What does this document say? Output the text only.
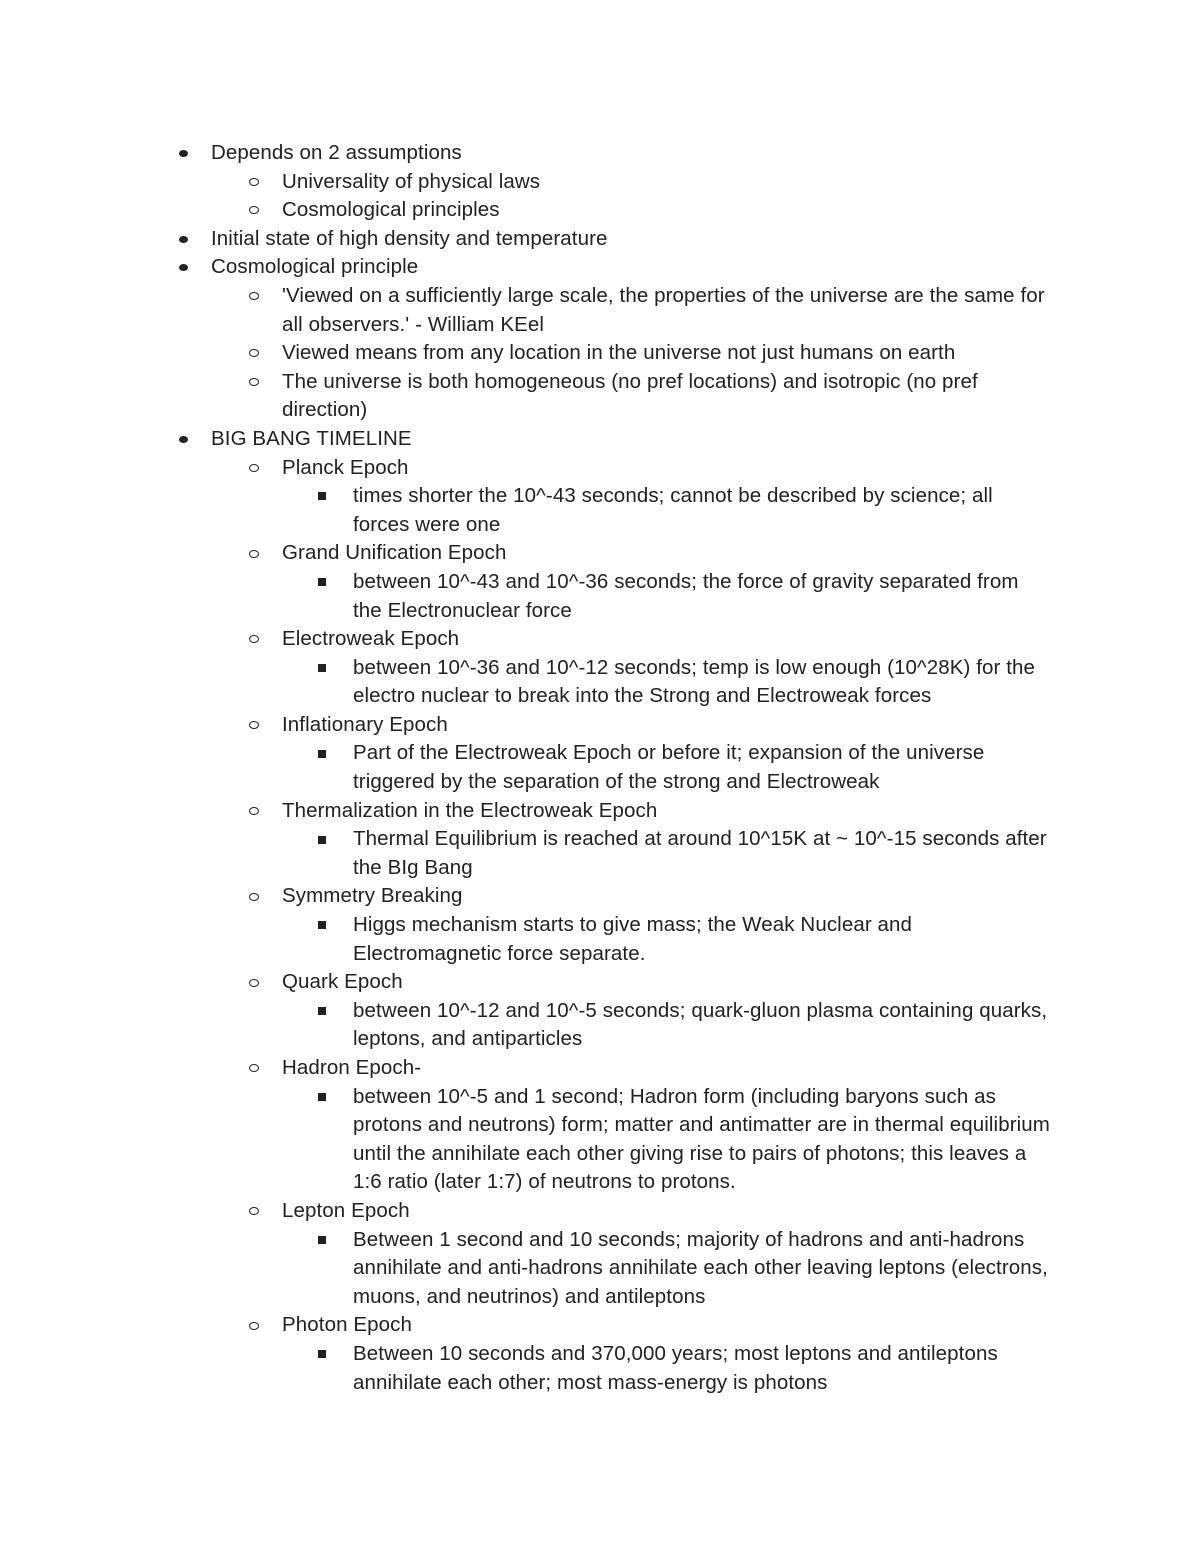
Depends on 2 assumptions
Universality of physical laws
Cosmological principles
Initial state of high density and temperature
Cosmological principle
'Viewed on a sufficiently large scale, the properties of the universe are the same for all observers.' - William KEel
Viewed means from any location in the universe not just humans on earth
The universe is both homogeneous (no pref locations) and isotropic (no pref direction)
BIG BANG TIMELINE
Planck Epoch
times shorter the 10^-43 seconds; cannot be described by science; all forces were one
Grand Unification Epoch
between 10^-43 and 10^-36 seconds; the force of gravity separated from the Electronuclear force
Electroweak Epoch
between 10^-36 and 10^-12 seconds; temp is low enough (10^28K) for the electro nuclear to break into the Strong and Electroweak forces
Inflationary Epoch
Part of the Electroweak Epoch or before it; expansion of the universe triggered by the separation of the strong and Electroweak
Thermalization in the Electroweak Epoch
Thermal Equilibrium is reached at around 10^15K at ~ 10^-15 seconds after the BIg Bang
Symmetry Breaking
Higgs mechanism starts to give mass; the Weak Nuclear and Electromagnetic force separate.
Quark Epoch
between 10^-12 and 10^-5 seconds; quark-gluon plasma containing quarks, leptons, and antiparticles
Hadron Epoch-
between 10^-5 and 1 second; Hadron form (including baryons such as protons and neutrons) form; matter and antimatter are in thermal equilibrium until the annihilate each other giving rise to pairs of photons; this leaves a 1:6 ratio (later 1:7) of neutrons to protons.
Lepton Epoch
Between 1 second and 10 seconds; majority of hadrons and anti-hadrons annihilate and anti-hadrons annihilate each other leaving leptons (electrons, muons, and neutrinos) and antileptons
Photon Epoch
Between 10 seconds and 370,000 years; most leptons and antileptons annihilate each other; most mass-energy is photons
